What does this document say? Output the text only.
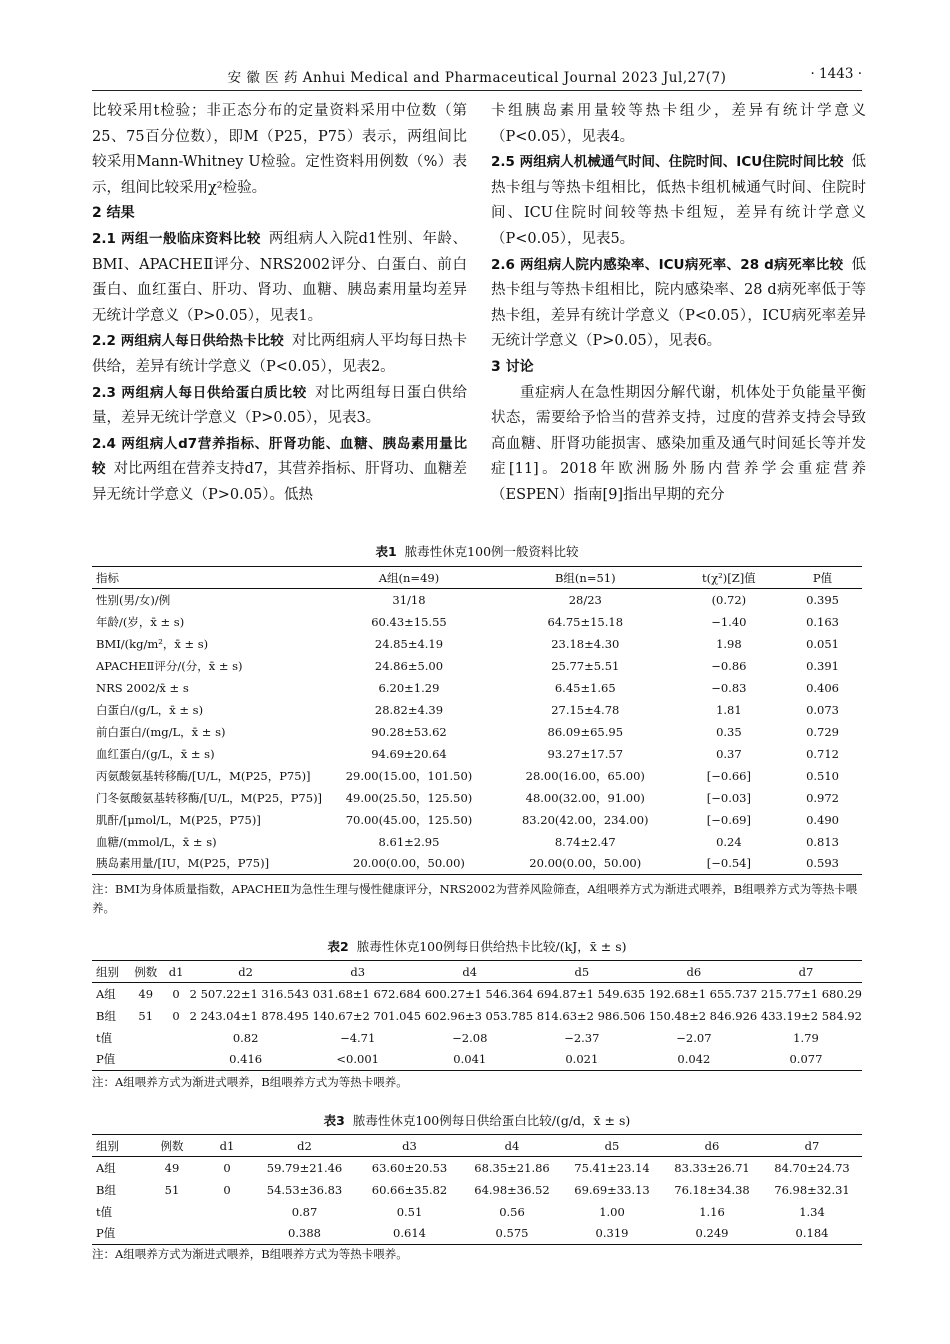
安 徽 医 药 Anhui Medical and Pharmaceutical Journal 2023 Jul,27(7)	· 1443 ·

比较采用t检验；非正态分布的定量资料采用中位数（第25、75百分位数），即M（P25，P75）表示，两组间比较采用Mann-Whitney U检验。定性资料用例数（%）表示，组间比较采用χ²检验。

2 结果

2.1 两组一般临床资料比较 两组病人入院d1性别、年龄、BMI、APACHEⅡ评分、NRS2002评分、白蛋白、前白蛋白、血红蛋白、肝功、肾功、血糖、胰岛素用量均差异无统计学意义（P>0.05），见表1。

2.2 两组病人每日供给热卡比较 对比两组病人平均每日热卡供给，差异有统计学意义（P<0.05），见表2。

2.3 两组病人每日供给蛋白质比较 对比两组每日蛋白供给量，差异无统计学意义（P>0.05），见表3。

2.4 两组病人d7营养指标、肝肾功能、血糖、胰岛素用量比较 对比两组在营养支持d7，其营养指标、肝肾功、血糖差异无统计学意义（P>0.05）。低热

卡组胰岛素用量较等热卡组少，差异有统计学意义（P<0.05），见表4。

2.5 两组病人机械通气时间、住院时间、ICU住院时间比较 低热卡组与等热卡组相比，低热卡组机械通气时间、住院时间、ICU住院时间较等热卡组短，差异有统计学意义（P<0.05），见表5。

2.6 两组病人院内感染率、ICU病死率、28 d病死率比较 低热卡组与等热卡组相比，院内感染率、28 d病死率低于等热卡组，差异有统计学意义（P<0.05），ICU病死率差异无统计学意义（P>0.05），见表6。

3 讨论

重症病人在急性期因分解代谢，机体处于负能量平衡状态，需要给予恰当的营养支持，过度的营养支持会导致高血糖、肝肾功能损害、感染加重及通气时间延长等并发症[11]。2018年欧洲肠外肠内营养学会重症营养（ESPEN）指南[9]指出早期的充分

表1 脓毒性休克100例一般资料比较
指标	A组(n=49)	B组(n=51)	t(χ²)[Z]值	P值
性别(男/女)/例	31/18	28/23	(0.72)	0.395
年龄/(岁，x̄ ± s)	60.43±15.55	64.75±15.18	−1.40	0.163
BMI/(kg/m²，x̄ ± s)	24.85±4.19	23.18±4.30	1.98	0.051
APACHEⅡ评分/(分，x̄ ± s)	24.86±5.00	25.77±5.51	−0.86	0.391
NRS 2002/x̄ ± s	6.20±1.29	6.45±1.65	−0.83	0.406
白蛋白/(g/L，x̄ ± s)	28.82±4.39	27.15±4.78	1.81	0.073
前白蛋白/(mg/L，x̄ ± s)	90.28±53.62	86.09±65.95	0.35	0.729
血红蛋白/(g/L，x̄ ± s)	94.69±20.64	93.27±17.57	0.37	0.712
丙氨酸氨基转移酶/[U/L，M(P25，P75)]	29.00(15.00，101.50)	28.00(16.00，65.00)	[−0.66]	0.510
门冬氨酸氨基转移酶/[U/L，M(P25，P75)]	49.00(25.50，125.50)	48.00(32.00，91.00)	[−0.03]	0.972
肌酐/[μmol/L，M(P25，P75)]	70.00(45.00，125.50)	83.20(42.00，234.00)	[−0.69]	0.490
血糖/(mmol/L，x̄ ± s)	8.61±2.95	8.74±2.47	0.24	0.813
胰岛素用量/[IU，M(P25，P75)]	20.00(0.00，50.00)	20.00(0.00，50.00)	[−0.54]	0.593
注：BMI为身体质量指数，APACHEⅡ为急性生理与慢性健康评分，NRS2002为营养风险筛查，A组喂养方式为渐进式喂养，B组喂养方式为等热卡喂养。
表2 脓毒性休克100例每日供给热卡比较/(kJ，x̄ ± s)
组别	例数	d1	d2	d3	d4	d5	d6	d7
A组	49	0	2 507.22±1 316.54	3 031.68±1 672.68	4 600.27±1 546.36	4 694.87±1 549.63	5 192.68±1 655.73	7 215.77±1 680.29
B组	51	0	2 243.04±1 878.49	5 140.67±2 701.04	5 602.96±3 053.78	5 814.63±2 986.50	6 150.48±2 846.92	6 433.19±2 584.92
t值			0.82	−4.71	−2.08	−2.37	−2.07	1.79
P值			0.416	<0.001	0.041	0.021	0.042	0.077
注：A组喂养方式为渐进式喂养，B组喂养方式为等热卡喂养。
表3 脓毒性休克100例每日供给蛋白比较/(g/d，x̄ ± s)
组别	例数	d1	d2	d3	d4	d5	d6	d7
A组	49	0	59.79±21.46	63.60±20.53	68.35±21.86	75.41±23.14	83.33±26.71	84.70±24.73
B组	51	0	54.53±36.83	60.66±35.82	64.98±36.52	69.69±33.13	76.18±34.38	76.98±32.31
t值			0.87	0.51	0.56	1.00	1.16	1.34
P值			0.388	0.614	0.575	0.319	0.249	0.184
注：A组喂养方式为渐进式喂养，B组喂养方式为等热卡喂养。
